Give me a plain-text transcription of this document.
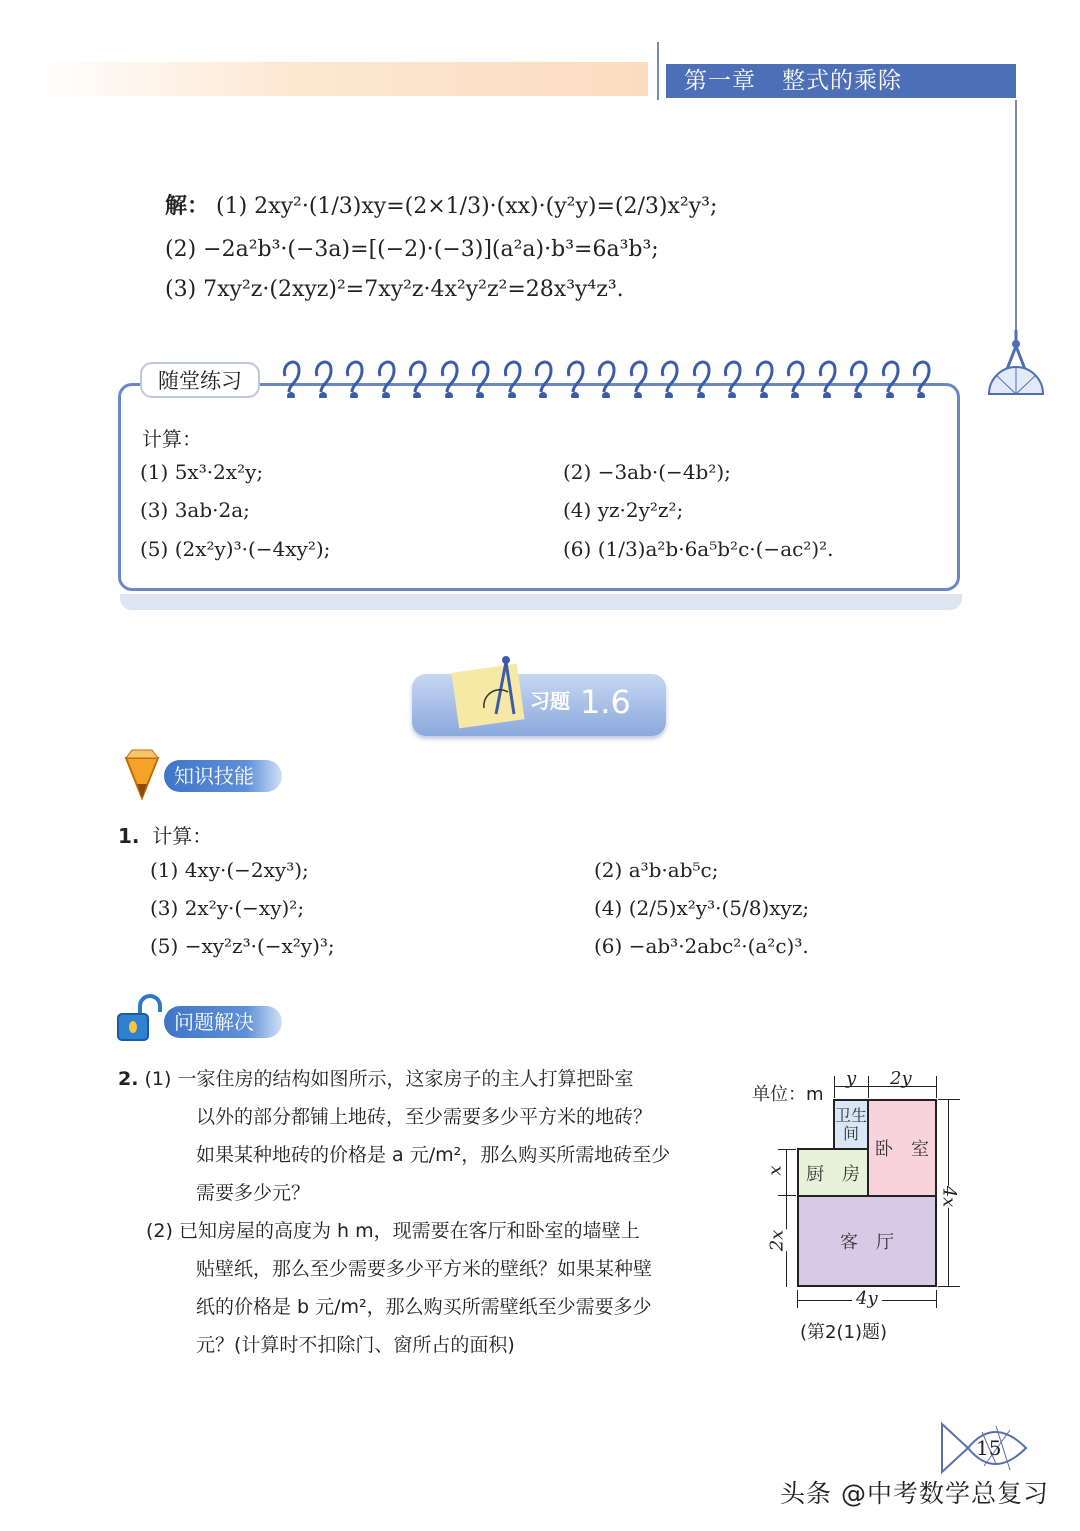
第一章 整式的乘除
解： (1) 2xy²·(1/3)xy=(2×1/3)·(xx)·(y²y)=(2/3)x²y³;
(2) −2a²b³·(−3a)=[(−2)·(−3)](a²a)·b³=6a³b³;
(3) 7xy²z·(2xyz)²=7xy²z·4x²y²z²=28x³y⁴z³.
随堂练习
计算：
(1) 5x³·2x²y;	(2) −3ab·(−4b²);
(3) 3ab·2a;	(4) yz·2y²z²;
(5) (2x²y)³·(−4xy²);	(6) (1/3)a²b·6a⁵b²c·(−ac²)².
习题 1.6
知识技能
1. 计算：
(1) 4xy·(−2xy³);	(2) a³b·ab⁵c;
(3) 2x²y·(−xy)²;	(4) (2/5)x²y³·(5/8)xyz;
(5) −xy²z³·(−x²y)³;	(6) −ab³·2abc²·(a²c)³.
问题解决

2. (1) 一家住房的结构如图所示，这家房子的主人打算把卧室

以外的部分都铺上地砖，至少需要多少平方米的地砖？

如果某种地砖的价格是 a 元/m²，那么购买所需地砖至少

需要多少元？

(2) 已知房屋的高度为 h m，现需要在客厅和卧室的墙壁上

贴壁纸，那么至少需要多少平方米的壁纸？如果某种壁

纸的价格是 b 元/m²，那么购买所需壁纸至少需要多少

元？(计算时不扣除门、窗所占的面积)

单位：m
卫生
间
卧　室
厨　房
客　厅
y 2y
x
2x
4x
4y
(第2(1)题)
15
头条 @中考数学总复习
